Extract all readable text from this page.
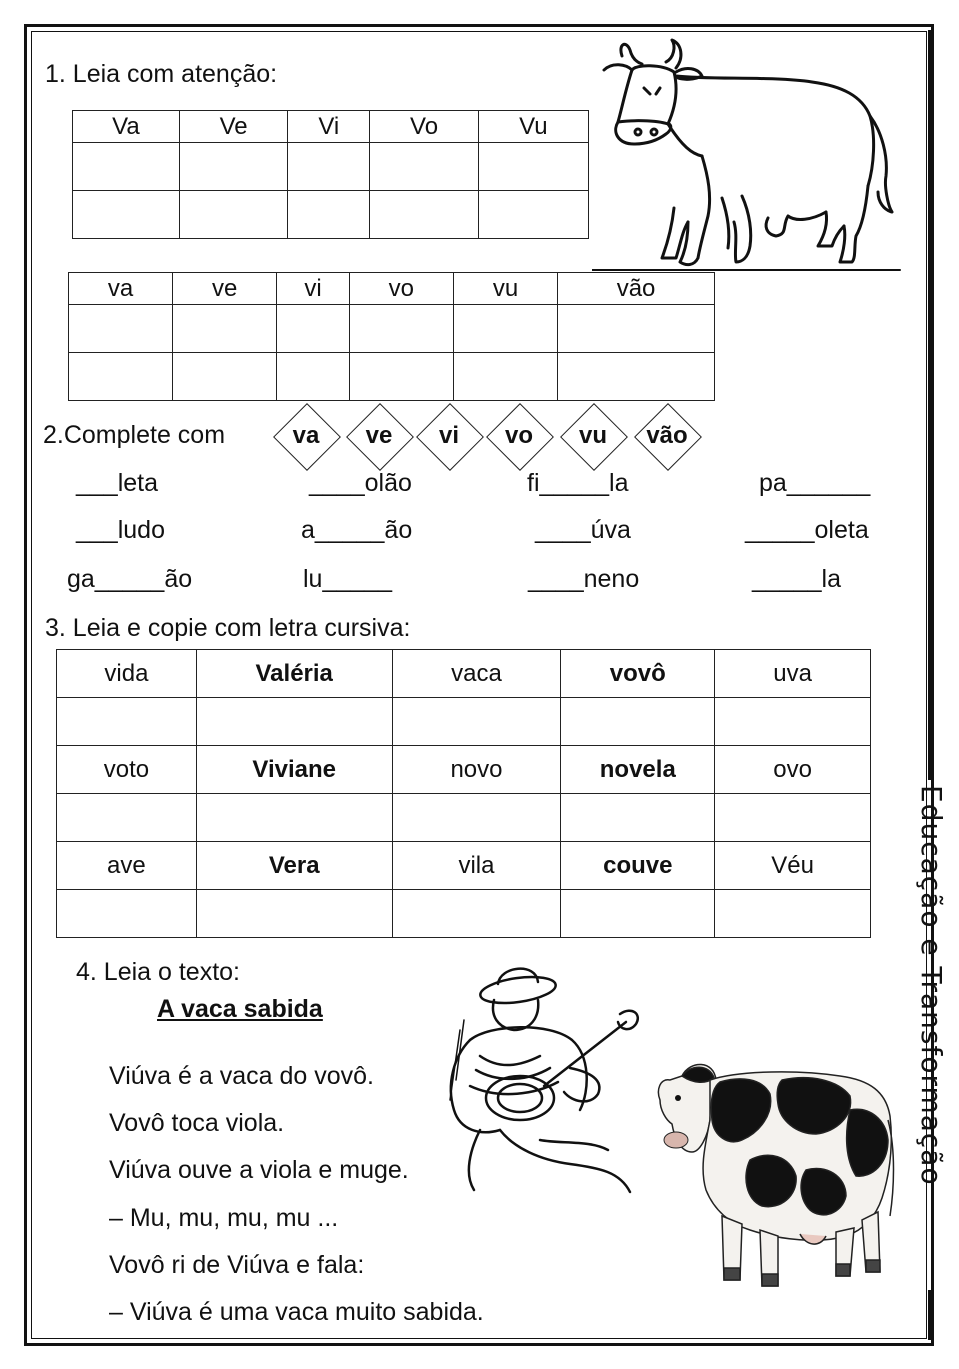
1. Leia com atenção:
Va	Ve	Vi	Vo	Vu

va	ve	vi	vo	vu	vão

2.Complete com	va	ve	vi	vo	vu	vão
___leta	____olão	fi_____la	pa______
___ludo	a_____ão	____úva	_____oleta
ga_____ão	lu_____	____neno	_____la
3. Leia e copie com letra cursiva:
vida	Valéria	vaca	vovô	uva

voto	Viviane	novo	novela	ovo

ave	Vera	vila	couve	Véu

4. Leia o texto:
A vaca sabida
Viúva é a vaca do vovô.
Vovô toca viola.
Viúva ouve a viola e muge.
– Mu, mu, mu, mu ...
Vovô ri de Viúva e fala:
– Viúva é uma vaca muito sabida.
Educação e Transformação
